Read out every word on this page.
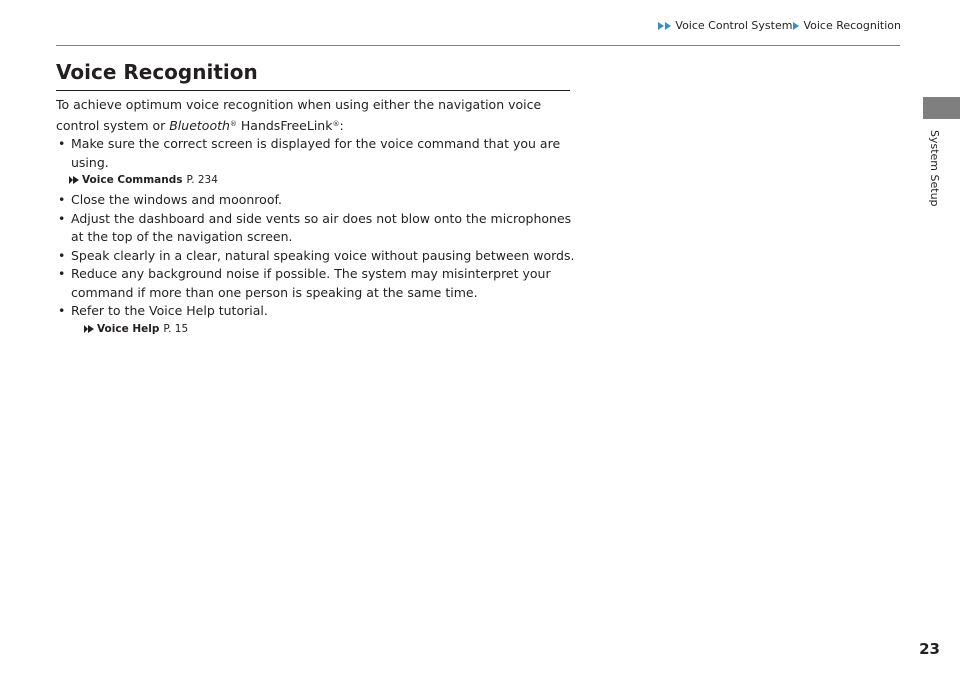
Voice Control System Voice Recognition
Voice Recognition

To achieve optimum voice recognition when using either the navigation voice control system or Bluetooth® HandsFreeLink®:

• Make sure the correct screen is displayed for the voice command that you are using.
Voice Commands P. 234
• Close the windows and moonroof.
• Adjust the dashboard and side vents so air does not blow onto the microphones at the top of the navigation screen.
• Speak clearly in a clear, natural speaking voice without pausing between words.
• Reduce any background noise if possible. The system may misinterpret your command if more than one person is speaking at the same time.
• Refer to the Voice Help tutorial.
Voice Help P. 15
System Setup
23
